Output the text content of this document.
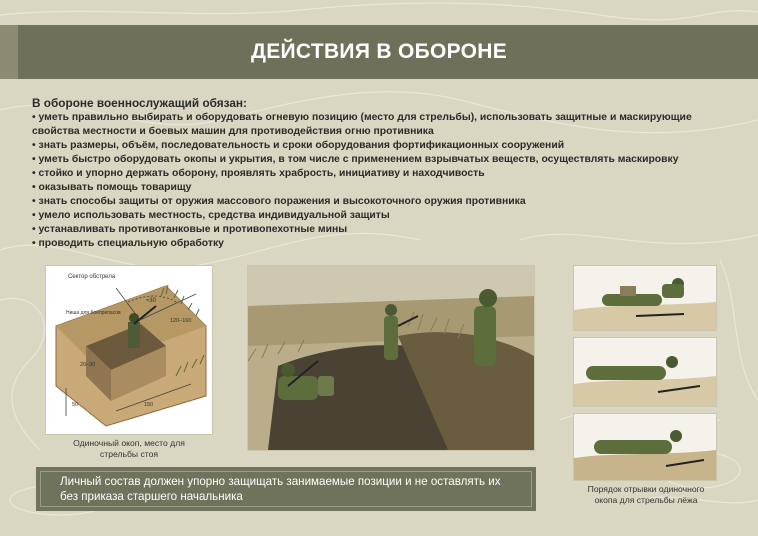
ДЕЙСТВИЯ В ОБОРОНЕ
В обороне военнослужащий обязан:
• уметь правильно выбирать и оборудовать огневую позицию (место для стрельбы), использовать защитные и маскирующие свойства местности и боевых машин для противодействия огню противника
• знать размеры, объём, последовательность и сроки оборудования фортификационных сооружений
• уметь быстро оборудовать окопы и укрытия, в том числе с применением взрывчатых веществ, осуществлять маскировку
• стойко и упорно держать оборону, проявлять храбрость, инициативу и находчивость
• оказывать помощь товарищу
• знать способы защиты от оружия массового поражения и высокоточного оружия противника
• умело использовать местность, средства индивидуальной защиты
• устанавливать противотанковые и противопехотные мины
• проводить специальную обработку
Сектор обстрела
Ниша для боеприпасов
≈30
120–160
20–30
150
50
Одиночный окоп, место для стрельбы стоя
Порядок отрывки одиночного окопа для стрельбы лёжа
Личный состав должен упорно защищать занимаемые позиции и не оставлять их без приказа старшего начальника
